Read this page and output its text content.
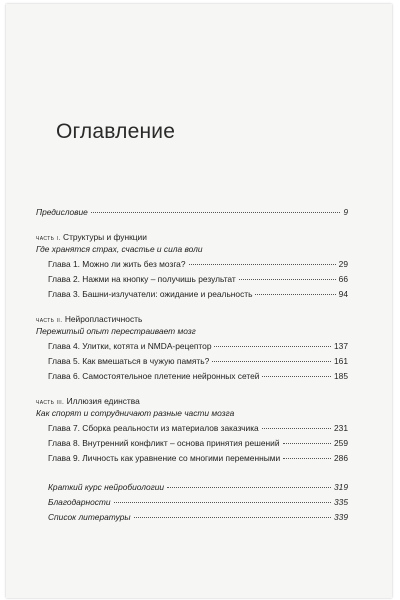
Оглавление
Предисловие	9
часть i. Структуры и функции
Где хранятся страх, счастье и сила воли
Глава 1. Можно ли жить без мозга?	29
Глава 2. Нажми на кнопку – получишь результат	66
Глава 3. Башни-излучатели: ожидание и реальность	94
часть ii. Нейропластичность
Пережитый опыт перестраивает мозг
Глава 4. Улитки, котята и NMDA-рецептор	137
Глава 5. Как вмешаться в чужую память?	161
Глава 6. Самостоятельное плетение нейронных сетей	185
часть iii. Иллюзия единства
Как спорят и сотрудничают разные части мозга
Глава 7. Сборка реальности из материалов заказчика	231
Глава 8. Внутренний конфликт – основа принятия решений	259
Глава 9. Личность как уравнение со многими переменными	286
Краткий курс нейробиологии	319
Благодарности	335
Список литературы	339
